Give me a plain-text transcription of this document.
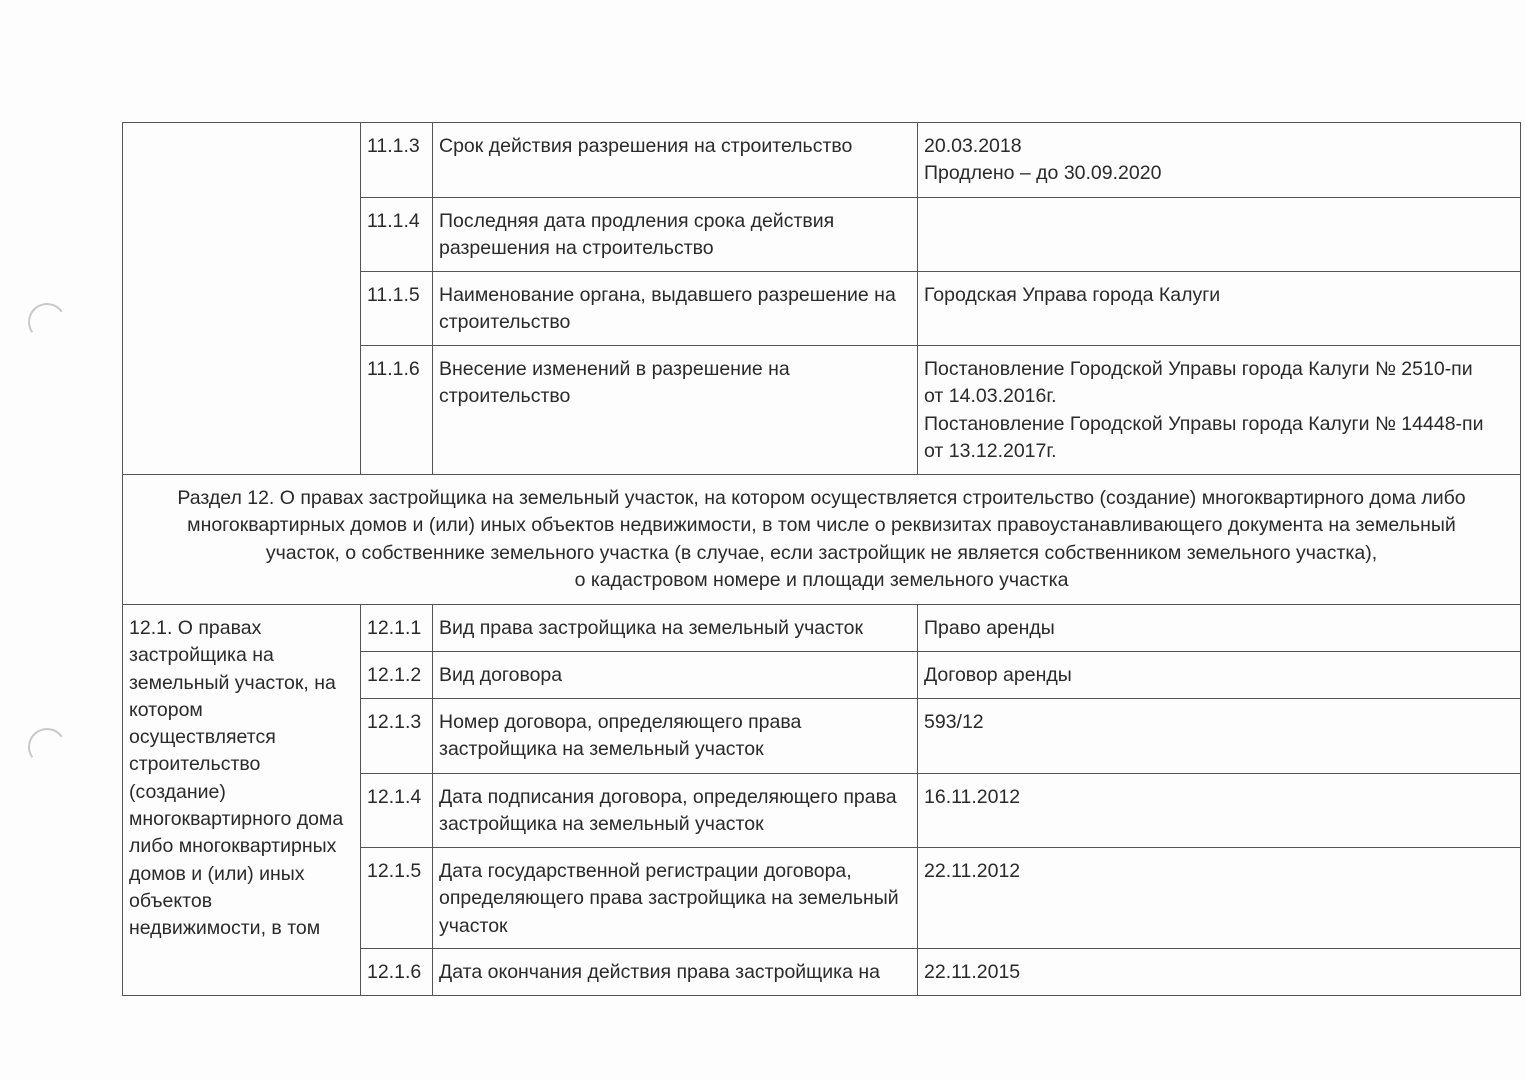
	11.1.3	Срок действия разрешения на строительство	20.03.2018
Продлено – до 30.09.2020

	11.1.4	Последняя дата продления срока действия разрешения на строительство	
	11.1.5	Наименование органа, выдавшего разрешение на строительство	Городская Управа города Калуги

	11.1.6	Внесение изменений в разрешение на строительство	Постановление Городской Управы города Калуги № 2510-пи
от 14.03.2016г.
Постановление Городской Управы города Калуги № 14448-пи
от 13.12.2017г.

Раздел 12. О правах застройщика на земельный участок, на котором осуществляется строительство (создание) многоквартирного дома либо
многоквартирных домов и (или) иных объектов недвижимости, в том числе о реквизитах правоустанавливающего документа на земельный
участок, о собственнике земельного участка (в случае, если застройщик не является собственником земельного участка),
о кадастровом номере и площади земельного участка			

12.1. О правах застройщика на земельный участок, на котором осуществляется строительство (создание) многоквартирного дома либо многоквартирных домов и (или) иных объектов недвижимости, в том	12.1.1	Вид права застройщика на земельный участок	Право аренды
	12.1.2	Вид договора	Договор аренды
	12.1.3	Номер договора, определяющего права застройщика на земельный участок	593/12
	12.1.4	Дата подписания договора, определяющего права застройщика на земельный участок	16.11.2012
	12.1.5	Дата государственной регистрации договора, определяющего права застройщика на земельный участок	22.11.2012
	12.1.6	Дата окончания действия права застройщика на	22.11.2015
